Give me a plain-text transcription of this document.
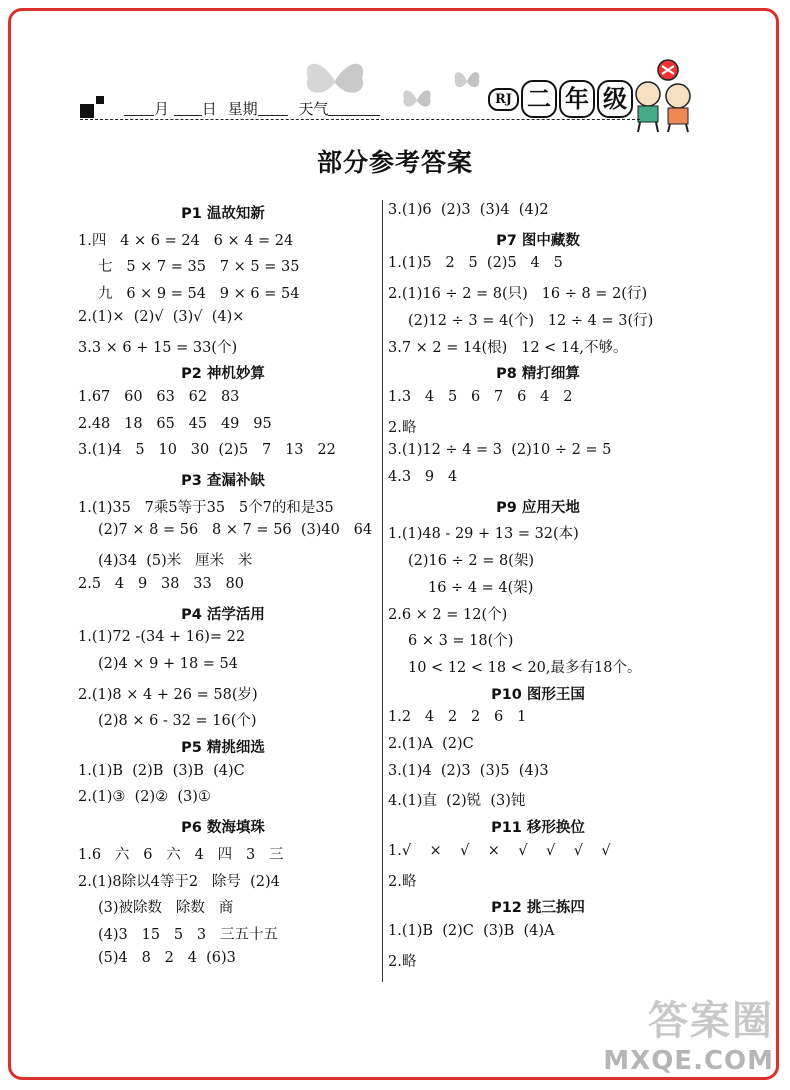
月 日 星期	天气
RJ 二 年 级
部分参考答案
P1 温故知新
1.四   4 × 6 = 24   6 × 4 = 24
七   5 × 7 = 35   7 × 5 = 35
九   6 × 9 = 54   9 × 6 = 54
2.(1)×  (2)√  (3)√  (4)×
3.3 × 6 + 15 = 33(个)
P2 神机妙算
1.67   60   63   62   83
2.48   18   65   45   49   95
3.(1)4   5   10   30  (2)5   7   13   22
P3 查漏补缺
1.(1)35   7乘5等于35   5个7的和是35
(2)7 × 8 = 56   8 × 7 = 56  (3)40   64
(4)34  (5)米   厘米   米
2.5   4   9   38   33   80
P4 活学活用
1.(1)72 -(34 + 16)= 22
(2)4 × 9 + 18 = 54
2.(1)8 × 4 + 26 = 58(岁)
(2)8 × 6 - 32 = 16(个)
P5 精挑细选
1.(1)B  (2)B  (3)B  (4)C
2.(1)③  (2)②  (3)①
P6 数海填珠
1.6   六   6   六   4   四   3   三
2.(1)8除以4等于2   除号  (2)4
(3)被除数   除数   商
(4)3   15   5   3   三五十五
(5)4   8   2   4  (6)3
3.(1)6  (2)3  (3)4  (4)2
P7 图中藏数
1.(1)5   2   5  (2)5   4   5
2.(1)16 ÷ 2 = 8(只)   16 ÷ 8 = 2(行)
(2)12 ÷ 3 = 4(个)   12 ÷ 4 = 3(行)
3.7 × 2 = 14(根)   12 < 14,不够。
P8 精打细算
1.3   4   5   6   7   6   4   2
2.略
3.(1)12 ÷ 4 = 3  (2)10 ÷ 2 = 5
4.3   9   4
P9 应用天地
1.(1)48 - 29 + 13 = 32(本)
(2)16 ÷ 2 = 8(架)
16 ÷ 4 = 4(架)
2.6 × 2 = 12(个)
6 × 3 = 18(个)
10 < 12 < 18 < 20,最多有18个。
P10 图形王国
1.2   4   2   2   6   1
2.(1)A  (2)C
3.(1)4  (2)3  (3)5  (4)3
4.(1)直  (2)锐  (3)钝
P11 移形换位
1.√    ×    √    ×    √    √    √    √
2.略
P12 挑三拣四
1.(1)B  (2)C  (3)B  (4)A
2.略
答案圈
MXQE.COM
